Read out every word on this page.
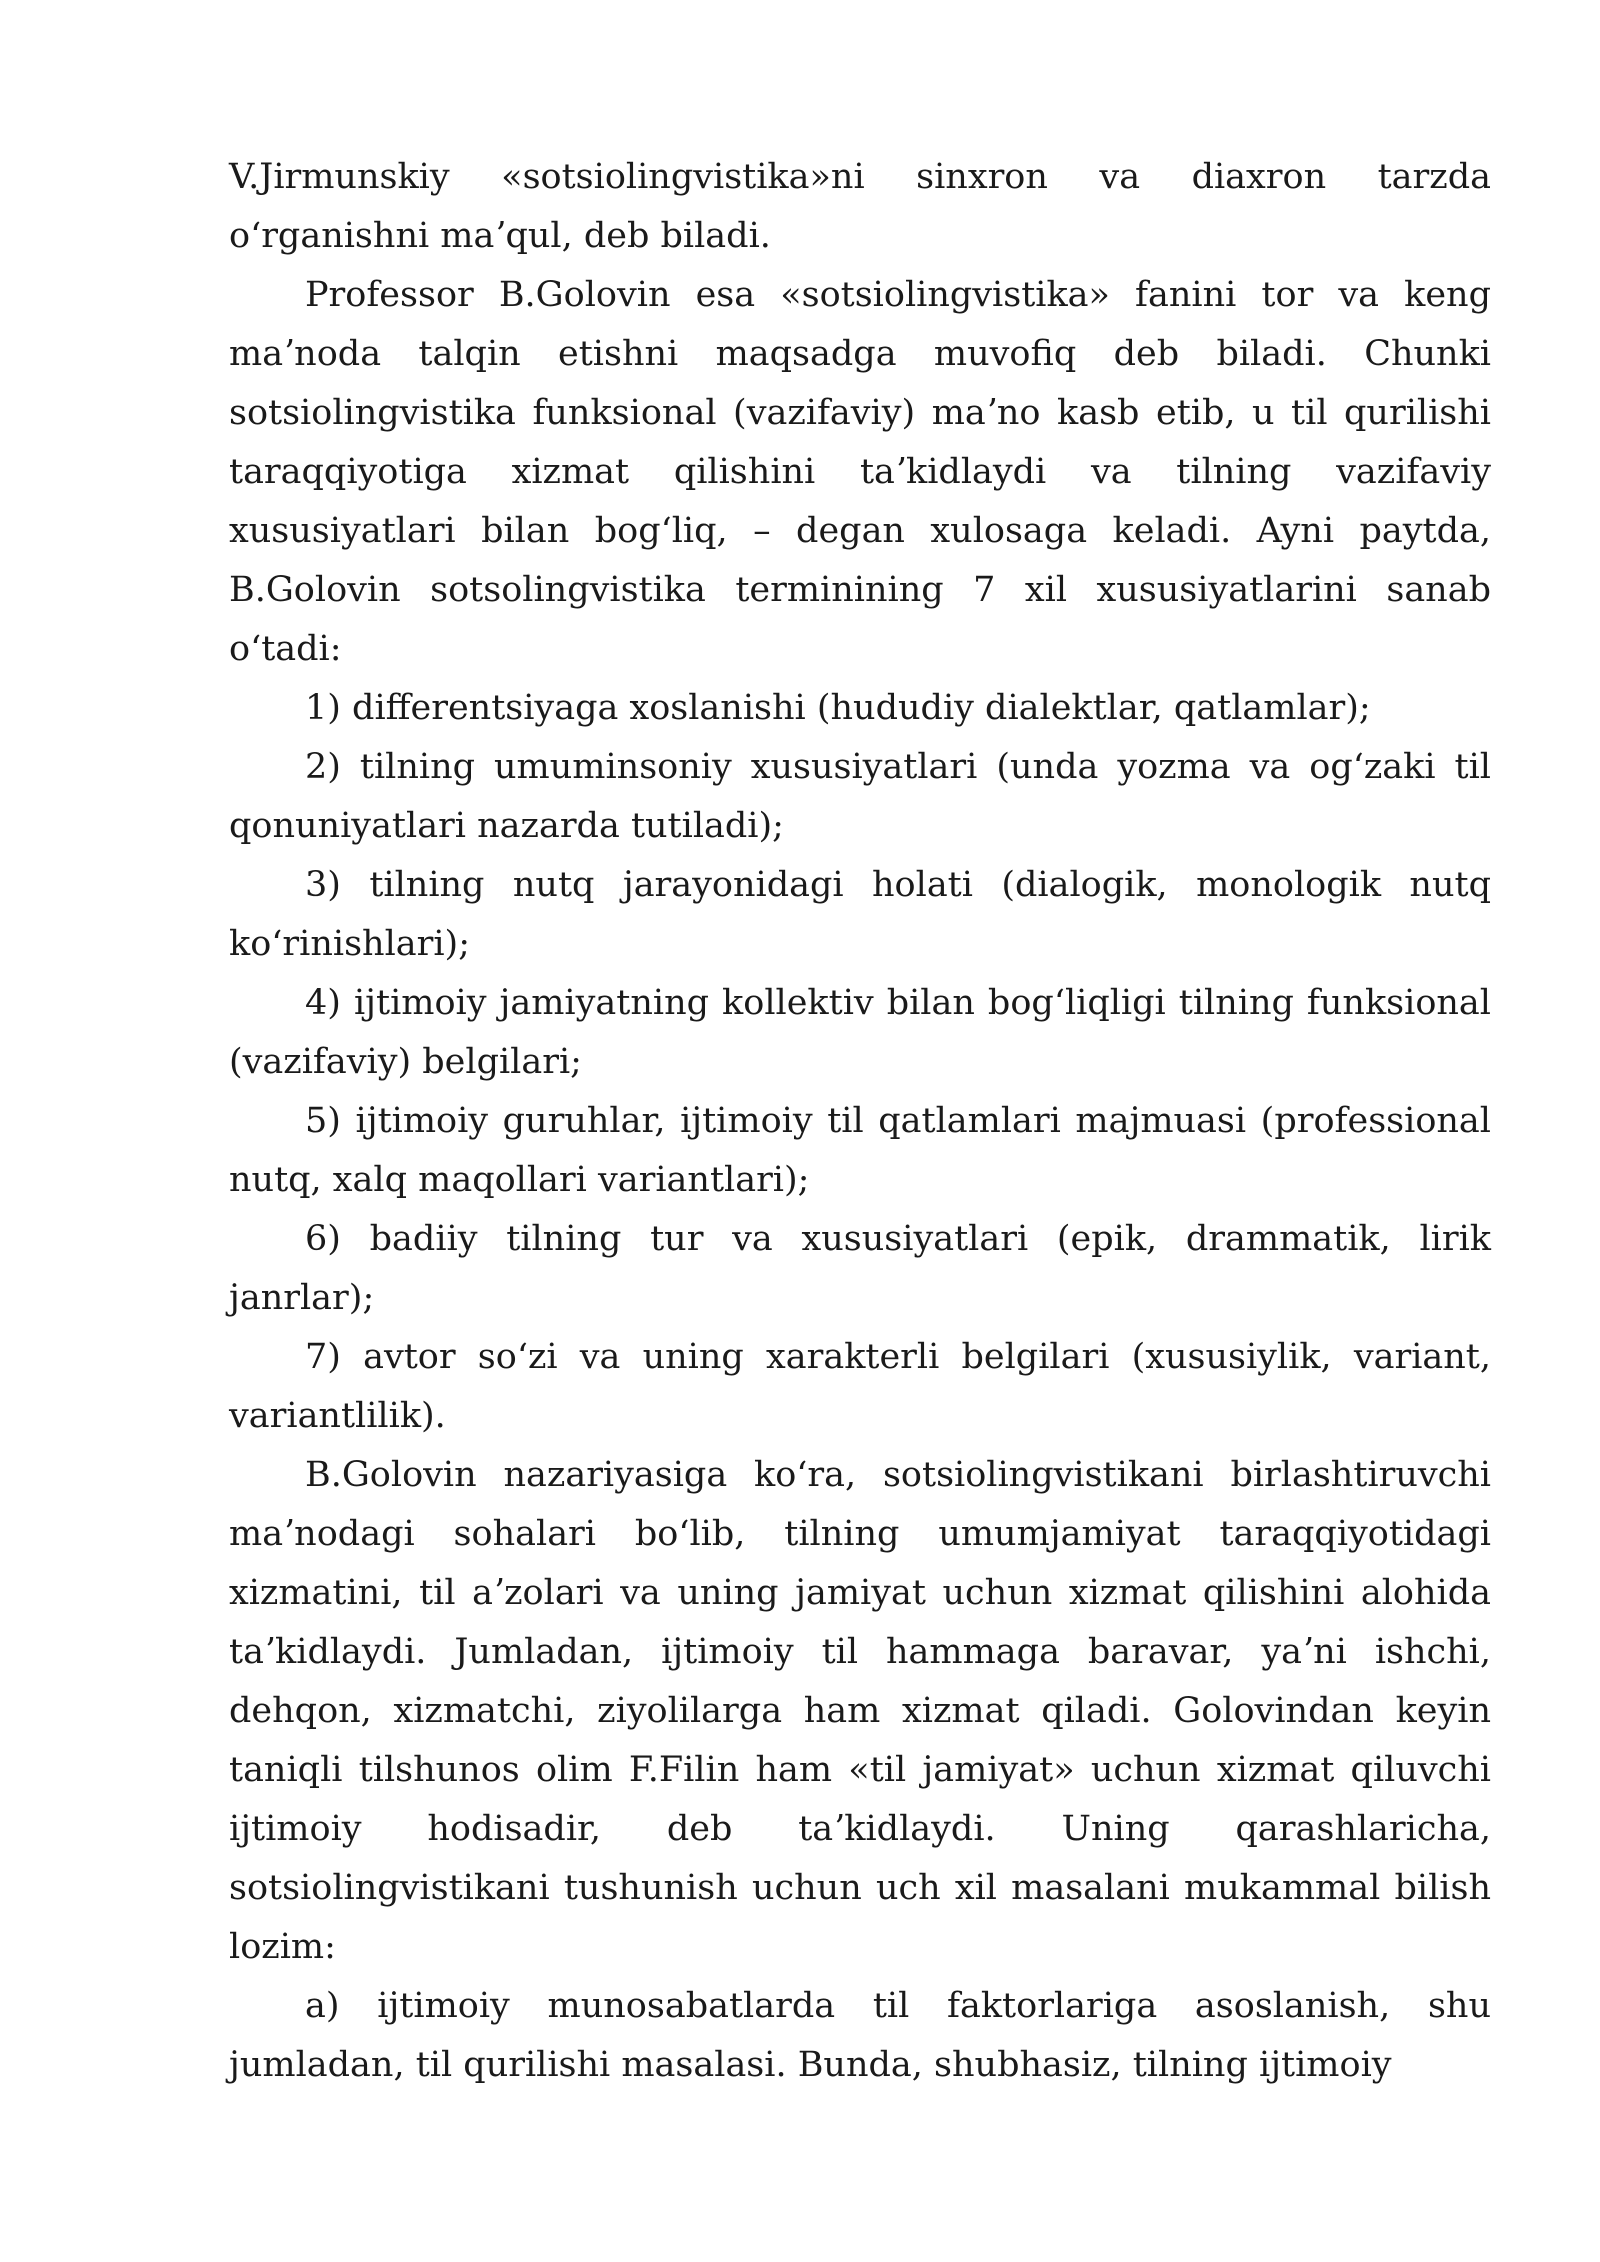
V.Jirmunskiy «sotsiolingvistika»ni sinxron va diaxron tarzda oʻrganishni maʼqul, deb biladi.

Professor B.Golovin esa «sotsiolingvistika» fanini tor va keng maʼnoda talqin etishni maqsadga muvofiq deb biladi. Chunki sotsiolingvistika funksional (vazifaviy) maʼno kasb etib, u til qurilishi taraqqiyotiga xizmat qilishini taʼkidlaydi va tilning vazifaviy xususiyatlari bilan bogʻliq, – degan xulosaga keladi. Ayni paytda, B.Golovin sotsolingvistika terminining 7 xil xususiyatlarini sanab oʻtadi:

1) differentsiyaga xoslanishi (hududiy dialektlar, qatlamlar);

2) tilning umuminsoniy xususiyatlari (unda yozma va ogʻzaki til qonuniyatlari nazarda tutiladi);

3) tilning nutq jarayonidagi holati (dialogik, monologik nutq koʻrinishlari);

4) ijtimoiy jamiyatning kollektiv bilan bogʻliqligi tilning funksional (vazifaviy) belgilari;

5) ijtimoiy guruhlar, ijtimoiy til qatlamlari majmuasi (professional nutq, xalq maqollari variantlari);

6) badiiy tilning tur va xususiyatlari (epik, drammatik, lirik janrlar);

7) avtor soʻzi va uning xarakterli belgilari (xususiylik, variant, variantlilik).

B.Golovin nazariyasiga koʻra, sotsiolingvistikani birlashtiruvchi maʼnodagi sohalari boʻlib, tilning umumjamiyat taraqqiyotidagi xizmatini, til aʼzolari va uning jamiyat uchun xizmat qilishini alohida taʼkidlaydi. Jumladan, ijtimoiy til hammaga baravar, yaʼni ishchi, dehqon, xizmatchi, ziyolilarga ham xizmat qiladi. Golovindan keyin taniqli tilshunos olim F.Filin ham «til jamiyat» uchun xizmat qiluvchi ijtimoiy hodisadir, deb taʼkidlaydi. Uning qarashlaricha, sotsiolingvistikani tushunish uchun uch xil masalani mukammal bilish lozim:

a) ijtimoiy munosabatlarda til faktorlariga asoslanish, shu jumladan, til qurilishi masalasi. Bunda, shubhasiz, tilning ijtimoiy
